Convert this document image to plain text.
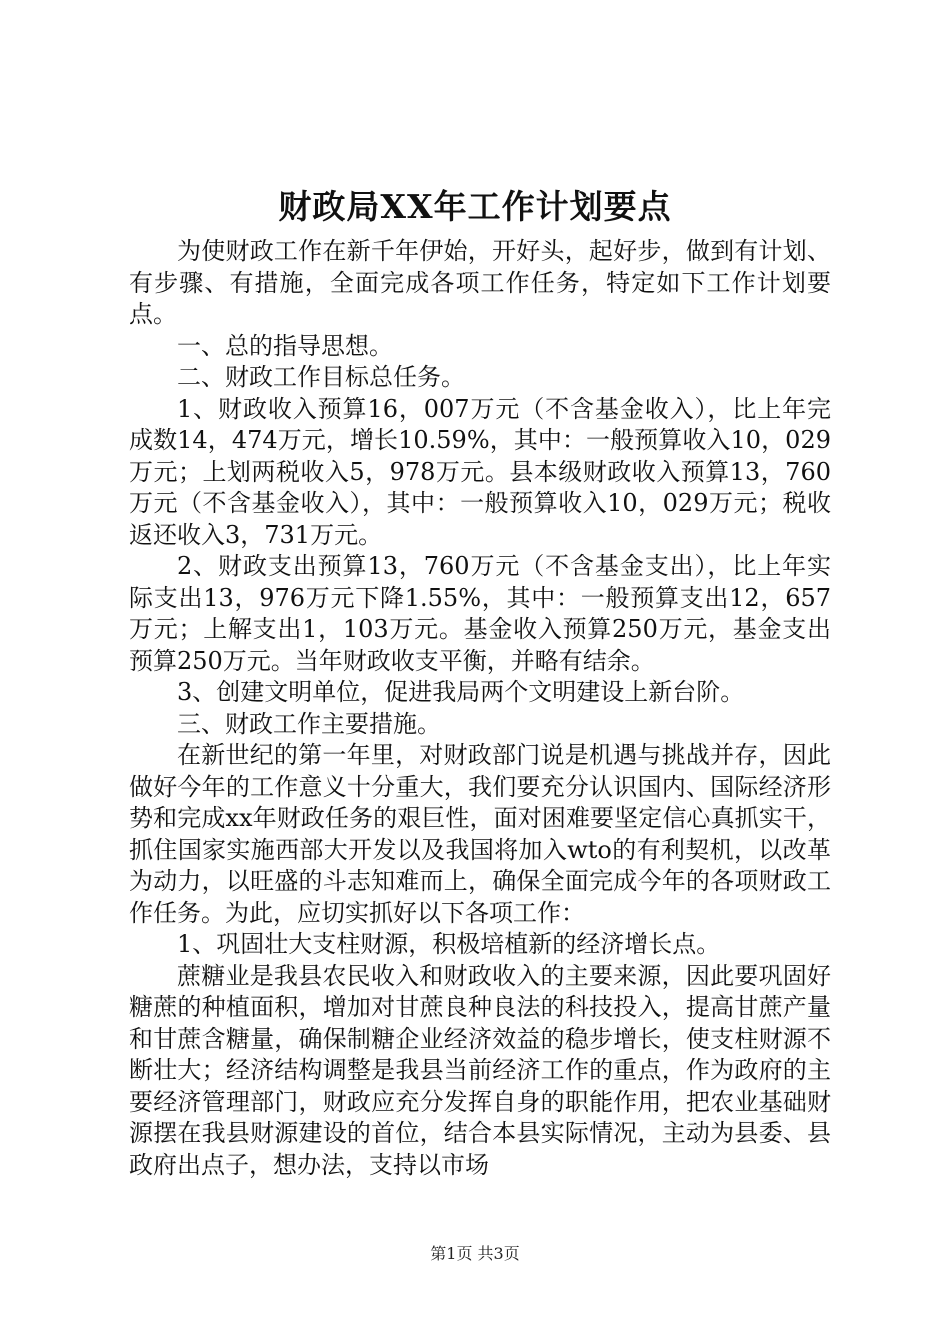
财政局XX年工作计划要点

为使财政工作在新千年伊始，开好头，起好步，做到有计划、有步骤、有措施，全面完成各项工作任务，特定如下工作计划要点。

一、总的指导思想。

二、财政工作目标总任务。

1、财政收入预算16，007万元（不含基金收入），比上年完成数14，474万元，增长10.59%，其中：一般预算收入10，029万元；上划两税收入5，978万元。县本级财政收入预算13，760万元（不含基金收入），其中：一般预算收入10，029万元；税收返还收入3，731万元。

2、财政支出预算13，760万元（不含基金支出），比上年实际支出13，976万元下降1.55%，其中：一般预算支出12，657万元；上解支出1，103万元。基金收入预算250万元，基金支出预算250万元。当年财政收支平衡，并略有结余。

3、创建文明单位，促进我局两个文明建设上新台阶。

三、财政工作主要措施。

在新世纪的第一年里，对财政部门说是机遇与挑战并存，因此做好今年的工作意义十分重大，我们要充分认识国内、国际经济形势和完成xx年财政任务的艰巨性，面对困难要坚定信心真抓实干，抓住国家实施西部大开发以及我国将加入wto的有利契机，以改革为动力，以旺盛的斗志知难而上，确保全面完成今年的各项财政工作任务。为此，应切实抓好以下各项工作：

1、巩固壮大支柱财源，积极培植新的经济增长点。

蔗糖业是我县农民收入和财政收入的主要来源，因此要巩固好糖蔗的种植面积，增加对甘蔗良种良法的科技投入，提高甘蔗产量和甘蔗含糖量，确保制糖企业经济效益的稳步增长，使支柱财源不断壮大；经济结构调整是我县当前经济工作的重点，作为政府的主要经济管理部门，财政应充分发挥自身的职能作用，把农业基础财源摆在我县财源建设的首位，结合本县实际情况，主动为县委、县政府出点子，想办法，支持以市场

第1页 共3页
